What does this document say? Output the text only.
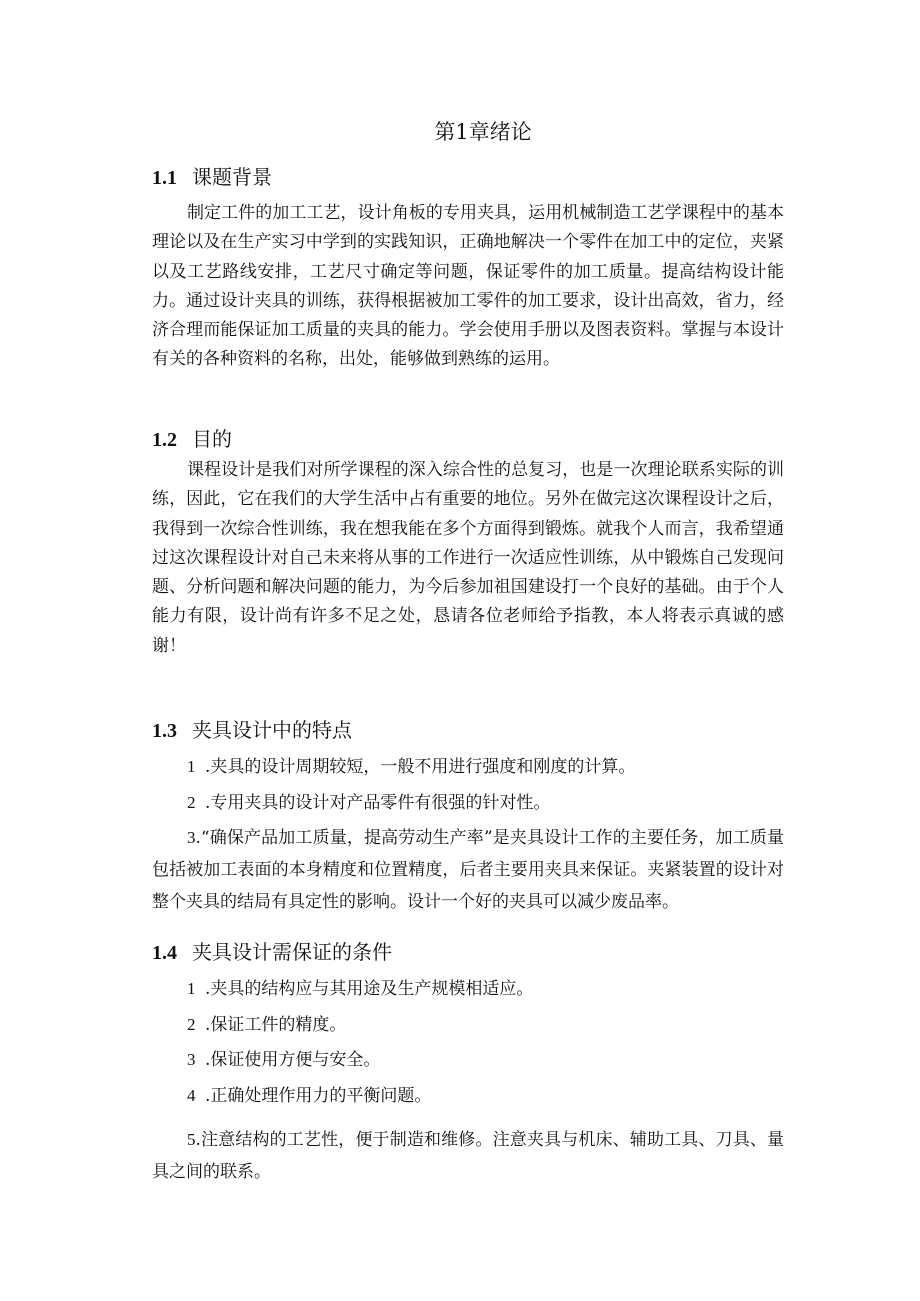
第1章绪论
1.1 课题背景
制定工件的加工工艺，设计角板的专用夹具，运用机械制造工艺学课程中的基本理论以及在生产实习中学到的实践知识，正确地解决一个零件在加工中的定位，夹紧以及工艺路线安排，工艺尺寸确定等问题，保证零件的加工质量。提高结构设计能力。通过设计夹具的训练，获得根据被加工零件的加工要求，设计出高效，省力，经济合理而能保证加工质量的夹具的能力。学会使用手册以及图表资料。掌握与本设计有关的各种资料的名称，出处，能够做到熟练的运用。
1.2 目的
课程设计是我们对所学课程的深入综合性的总复习，也是一次理论联系实际的训练，因此，它在我们的大学生活中占有重要的地位。另外在做完这次课程设计之后，我得到一次综合性训练，我在想我能在多个方面得到锻炼。就我个人而言，我希望通过这次课程设计对自己未来将从事的工作进行一次适应性训练，从中锻炼自己发现问题、分析问题和解决问题的能力，为今后参加祖国建设打一个良好的基础。由于个人能力有限，设计尚有许多不足之处，恳请各位老师给予指教，本人将表示真诚的感谢！
1.3 夹具设计中的特点
1 .夹具的设计周期较短，一般不用进行强度和刚度的计算。
2 .专用夹具的设计对产品零件有很强的针对性。
3.“确保产品加工质量，提高劳动生产率”是夹具设计工作的主要任务，加工质量包括被加工表面的本身精度和位置精度，后者主要用夹具来保证。夹紧装置的设计对整个夹具的结局有具定性的影响。设计一个好的夹具可以减少废品率。
1.4 夹具设计需保证的条件
1 .夹具的结构应与其用途及生产规模相适应。
2 .保证工件的精度。
3 .保证使用方便与安全。
4 .正确处理作用力的平衡问题。
5.注意结构的工艺性，便于制造和维修。注意夹具与机床、辅助工具、刀具、量具之间的联系。
